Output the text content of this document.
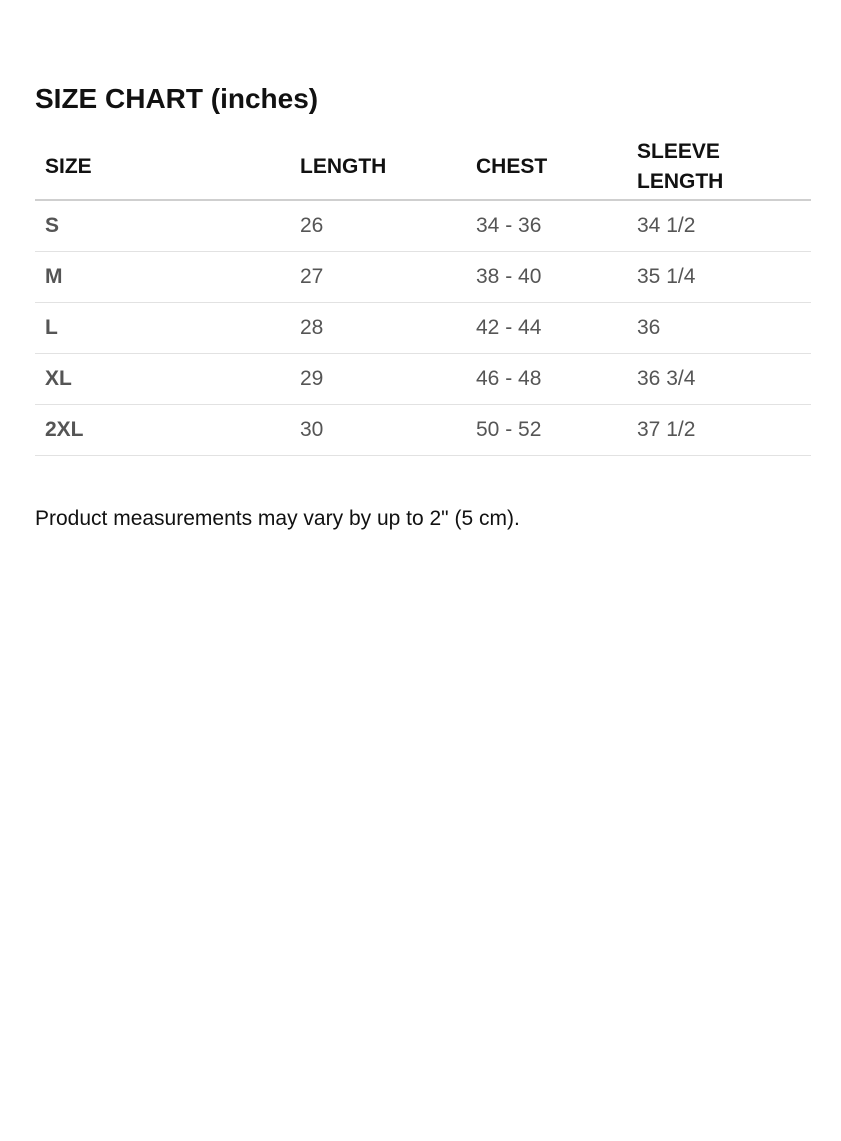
SIZE CHART (inches)
SIZE	LENGTH	CHEST	SLEEVE LENGTH
S	26	34 - 36	34 1/2
M	27	38 - 40	35 1/4
L	28	42 - 44	36
XL	29	46 - 48	36 3/4
2XL	30	50 - 52	37 1/2

Product measurements may vary by up to 2" (5 cm).
